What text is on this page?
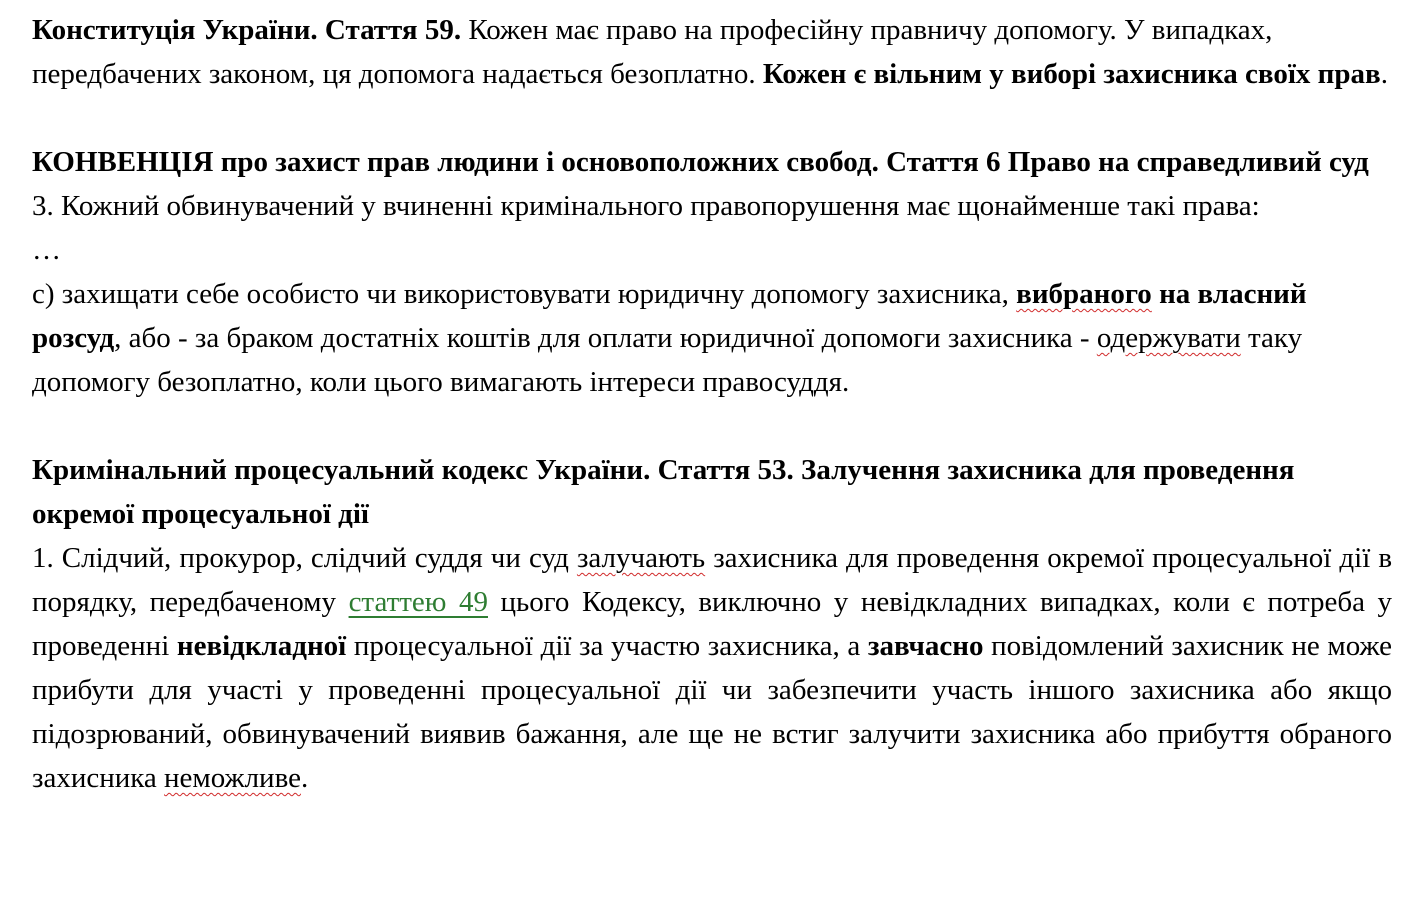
Конституція України. Стаття 59. Кожен має право на професійну правничу допомогу. У випадках, передбачених законом, ця допомога надається безоплатно. Кожен є вільним у виборі захисника своїх прав.

КОНВЕНЦІЯ про захист прав людини і основоположних свобод. Стаття 6 Право на справедливий суд

3. Кожний обвинувачений у вчиненні кримінального правопорушення має щонайменше такі права:

…

c) захищати себе особисто чи використовувати юридичну допомогу захисника, вибраного на власний розсуд, або - за браком достатніх коштів для оплати юридичної допомоги захисника - одержувати таку допомогу безоплатно, коли цього вимагають інтереси правосуддя.

Кримінальний процесуальний кодекс України. Стаття 53. Залучення захисника для проведення окремої процесуальної дії

1. Слідчий, прокурор, слідчий суддя чи суд залучають захисника для проведення окремої процесуальної дії в порядку, передбаченому статтею 49 цього Кодексу, виключно у невідкладних випадках, коли є потреба у проведенні невідкладної процесуальної дії за участю захисника, а завчасно повідомлений захисник не може прибути для участі у проведенні процесуальної дії чи забезпечити участь іншого захисника або якщо підозрюваний, обвинувачений виявив бажання, але ще не встиг залучити захисника або прибуття обраного захисника неможливе.
